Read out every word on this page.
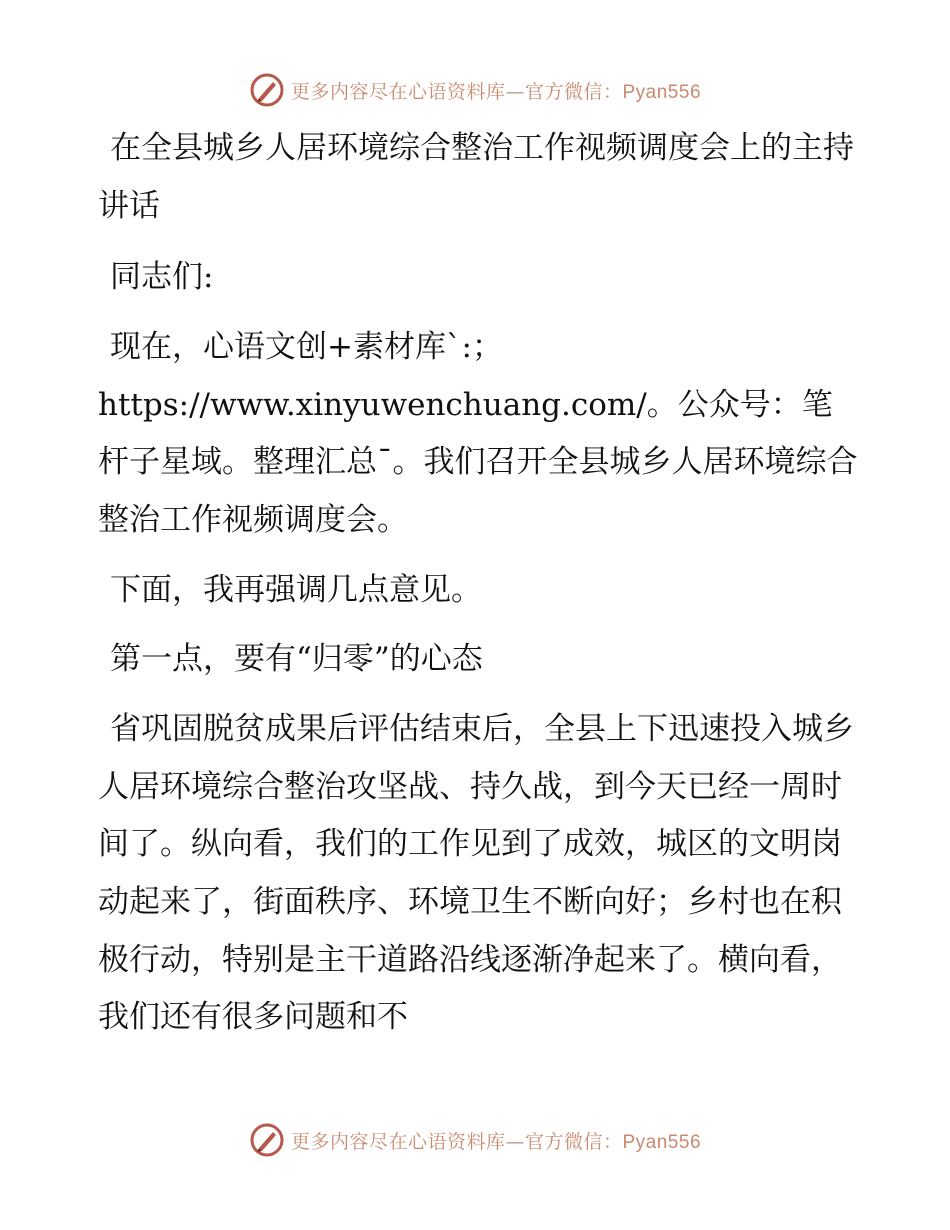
更多内容尽在心语资料库—官方微信：Pyan556

在全县城乡人居环境综合整治工作视频调度会上的主持讲话

同志们:

现在，心语文创+素材库`:；https://www.xinyuwenchuang.com/。公众号：笔杆子星域。整理汇总¯。我们召开全县城乡人居环境综合整治工作视频调度会。

下面，我再强调几点意见。

第一点，要有“归零”的心态

省巩固脱贫成果后评估结束后，全县上下迅速投入城乡人居环境综合整治攻坚战、持久战，到今天已经一周时间了。纵向看，我们的工作见到了成效，城区的文明岗动起来了，街面秩序、环境卫生不断向好；乡村也在积极行动，特别是主干道路沿线逐渐净起来了。横向看，我们还有很多问题和不

更多内容尽在心语资料库—官方微信：Pyan556
